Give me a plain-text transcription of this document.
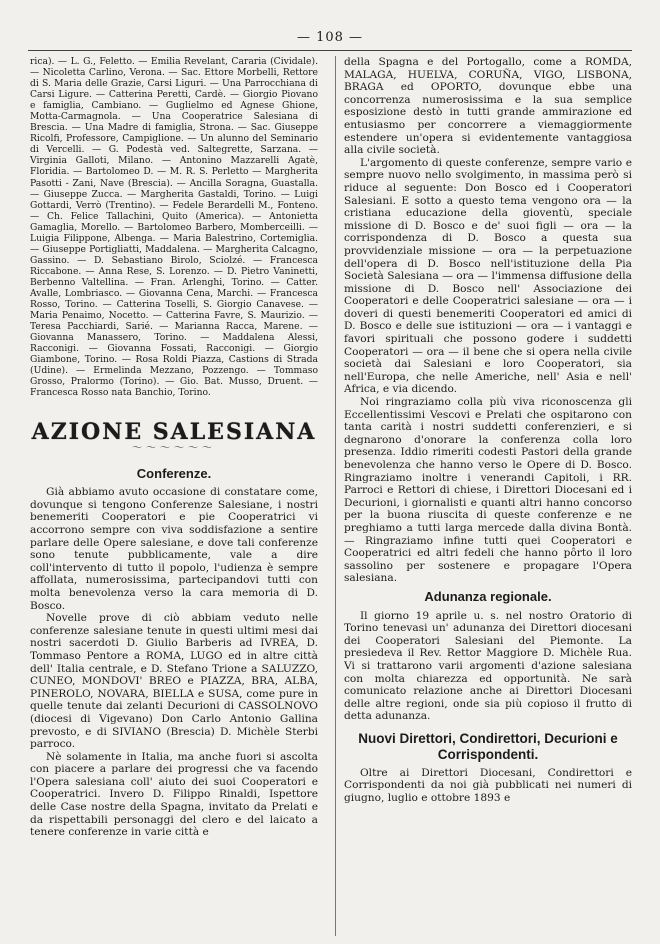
— 108 —

rica). — L. G., Feletto. — Emilia Revelant, Cararia (Cividale). — Nicoletta Carlino, Verona. — Sac. Ettore Morbelli, Rettore di S. Maria delle Grazie, Carsi Liguri. — Una Parrocchiana di Carsi Ligure. — Catterina Peretti, Cardè. — Giorgio Piovano e famiglia, Cambiano. — Guglielmo ed Agnese Ghione, Motta-Carmagnola. — Una Cooperatrice Salesiana di Brescia. — Una Madre di famiglia, Strona. — Sac. Giuseppe Ricolfi, Professore, Campiglione. — Un alunno del Seminario di Vercelli. — G. Podestà ved. Saltegrette, Sarzana. — Virginia Galloti, Milano. — Antonino Mazzarelli Agatè, Floridia. — Bartolomeo D. — M. R. S. Perletto — Margherita Pasotti - Zani, Nave (Brescia). — Ancilla Soragna, Guastalla. — Giuseppe Zucca. — Margherita Gastaldi, Torino. — Luigi Gottardi, Verrò (Trentino). — Fedele Berardelli M., Fonteno. — Ch. Felice Tallachini, Quito (America). — Antonietta Gamaglia, Morello. — Bartolomeo Barbero, Momberceilli. — Luigia Filippone, Albenga. — Maria Balestrino, Cortemiglia. — Giuseppe Portigliatti, Maddalena. — Margherita Calcagno, Gassino. — D. Sebastiano Birolo, Sciolzé. — Francesca Riccabone. — Anna Rese, S. Lorenzo. — D. Pietro Vaninetti, Berbenno Valtellina. — Fran. Arlenghi, Torino. — Catter. Avalle, Lombriasco. — Giovanna Cena, Marchi. — Francesca Rosso, Torino. — Catterina Toselli, S. Giorgio Canavese. — Maria Penaimo, Nocetto. — Catterina Favre, S. Maurizio. — Teresa Pacchiardi, Sarié. — Marianna Racca, Marene. — Giovanna Manassero, Torino. — Maddalena Alessi, Racconigi. — Giovanna Fossati, Racconigi. — Giorgio Giambone, Torino. — Rosa Roldi Piazza, Castions di Strada (Udine). — Ermelinda Mezzano, Pozzengo. — Tommaso Grosso, Pralormo (Torino). — Gio. Bat. Musso, Druent. — Francesca Rosso nata Banchio, Torino.

AZIONE SALESIANA
～～～～～～
Conferenze.

Già abbiamo avuto occasione di constatare come, dovunque si tengono Conferenze Salesiane, i nostri benemeriti Cooperatori e pie Cooperatrici vi accorrono sempre con viva soddisfazione a sentire parlare delle Opere salesiane, e dove tali conferenze sono tenute pubblicamente, vale a dire coll'intervento di tutto il popolo, l'udienza è sempre affollata, numerosissima, partecipandovi tutti con molta benevolenza verso la cara memoria di D. Bosco.

Novelle prove di ciò abbiam veduto nelle conferenze salesiane tenute in questi ultimi mesi dai nostri sacerdoti D. Giulio Barberis ad IVREA, D. Tommaso Pentore a ROMA, LUGO ed in altre città dell' Italia centrale, e D. Stefano Trione a SALUZZO, CUNEO, MONDOVI' BREO e PIAZZA, BRA, ALBA, PINEROLO, NOVARA, BIELLA e SUSA, come pure in quelle tenute dai zelanti Decurioni di CASSOLNOVO (diocesi di Vigevano) Don Carlo Antonio Gallina prevosto, e di SIVIANO (Brescia) D. Michèle Sterbi parroco.

Nè solamente in Italia, ma anche fuori si ascolta con piacere a parlare dei progressi che va facendo l'Opera salesiana coll' aiuto dei suoi Cooperatori e Cooperatrici. Invero D. Filippo Rinaldi, Ispettore delle Case nostre della Spagna, invitato da Prelati e da rispettabili personaggi del clero e del laicato a tenere conferenze in varie città e

della Spagna e del Portogallo, come a ROMDA, MALAGA, HUELVA, CORUÑA, VIGO, LISBONA, BRAGA ed OPORTO, dovunque ebbe una concorrenza numerosissima e la sua semplice esposizione destò in tutti grande ammirazione ed entusiasmo per concorrere a viemaggiormente estendere un'opera si evidentemente vantaggiosa alla civile società.

L'argomento di queste conferenze, sempre vario e sempre nuovo nello svolgimento, in massima però si riduce al seguente: Don Bosco ed i Cooperatori Salesiani. E sotto a questo tema vengono ora — la cristiana educazione della gioventù, speciale missione di D. Bosco e de' suoi figli — ora — la corrispondenza di D. Bosco a questa sua provvidenziale missione — ora — la perpetuazione dell'opera di D. Bosco nell'istituzione della Pia Società Salesiana — ora — l'immensa diffusione della missione di D. Bosco nell' Associazione dei Cooperatori e delle Cooperatrici salesiane — ora — i doveri di questi benemeriti Cooperatori ed amici di D. Bosco e delle sue istituzioni — ora — i vantaggi e favori spirituali che possono godere i suddetti Cooperatori — ora — il bene che si opera nella civile società dai Salesiani e loro Cooperatori, sia nell'Europa, che nelle Americhe, nell' Asia e nell' Africa, e via dicendo.

Noi ringraziamo colla più viva riconoscenza gli Eccellentissimi Vescovi e Prelati che ospitarono con tanta carità i nostri suddetti conferenzieri, e si degnarono d'onorare la conferenza colla loro presenza. Iddio rimeriti codesti Pastori della grande benevolenza che hanno verso le Opere di D. Bosco. Ringraziamo inoltre i venerandi Capitoli, i RR. Parroci e Rettori di chiese, i Direttori Diocesani ed i Decurioni, i giornalisti e quanti altri hanno concorso per la buona riuscita di queste conferenze e ne preghiamo a tutti larga mercede dalla divina Bontà. — Ringraziamo infine tutti quei Cooperatori e Cooperatrici ed altri fedeli che hanno pôrto il loro sassolino per sostenere e propagare l'Opera salesiana.

Adunanza regionale.

Il giorno 19 aprile u. s. nel nostro Oratorio di Torino tenevasi un' adunanza dei Direttori diocesani dei Cooperatori Salesiani del Piemonte. La presiedeva il Rev. Rettor Maggiore D. Michèle Rua. Vi si trattarono varii argomenti d'azione salesiana con molta chiarezza ed opportunità. Ne sarà comunicato relazione anche ai Direttori Diocesani delle altre regioni, onde sia più copioso il frutto di detta adunanza.

Nuovi Direttori, Condirettori, Decurioni e Corrispondenti.

Oltre ai Direttori Diocesani, Condirettori e Corrispondenti da noi già pubblicati nei numeri di giugno, luglio e ottobre 1893 e
